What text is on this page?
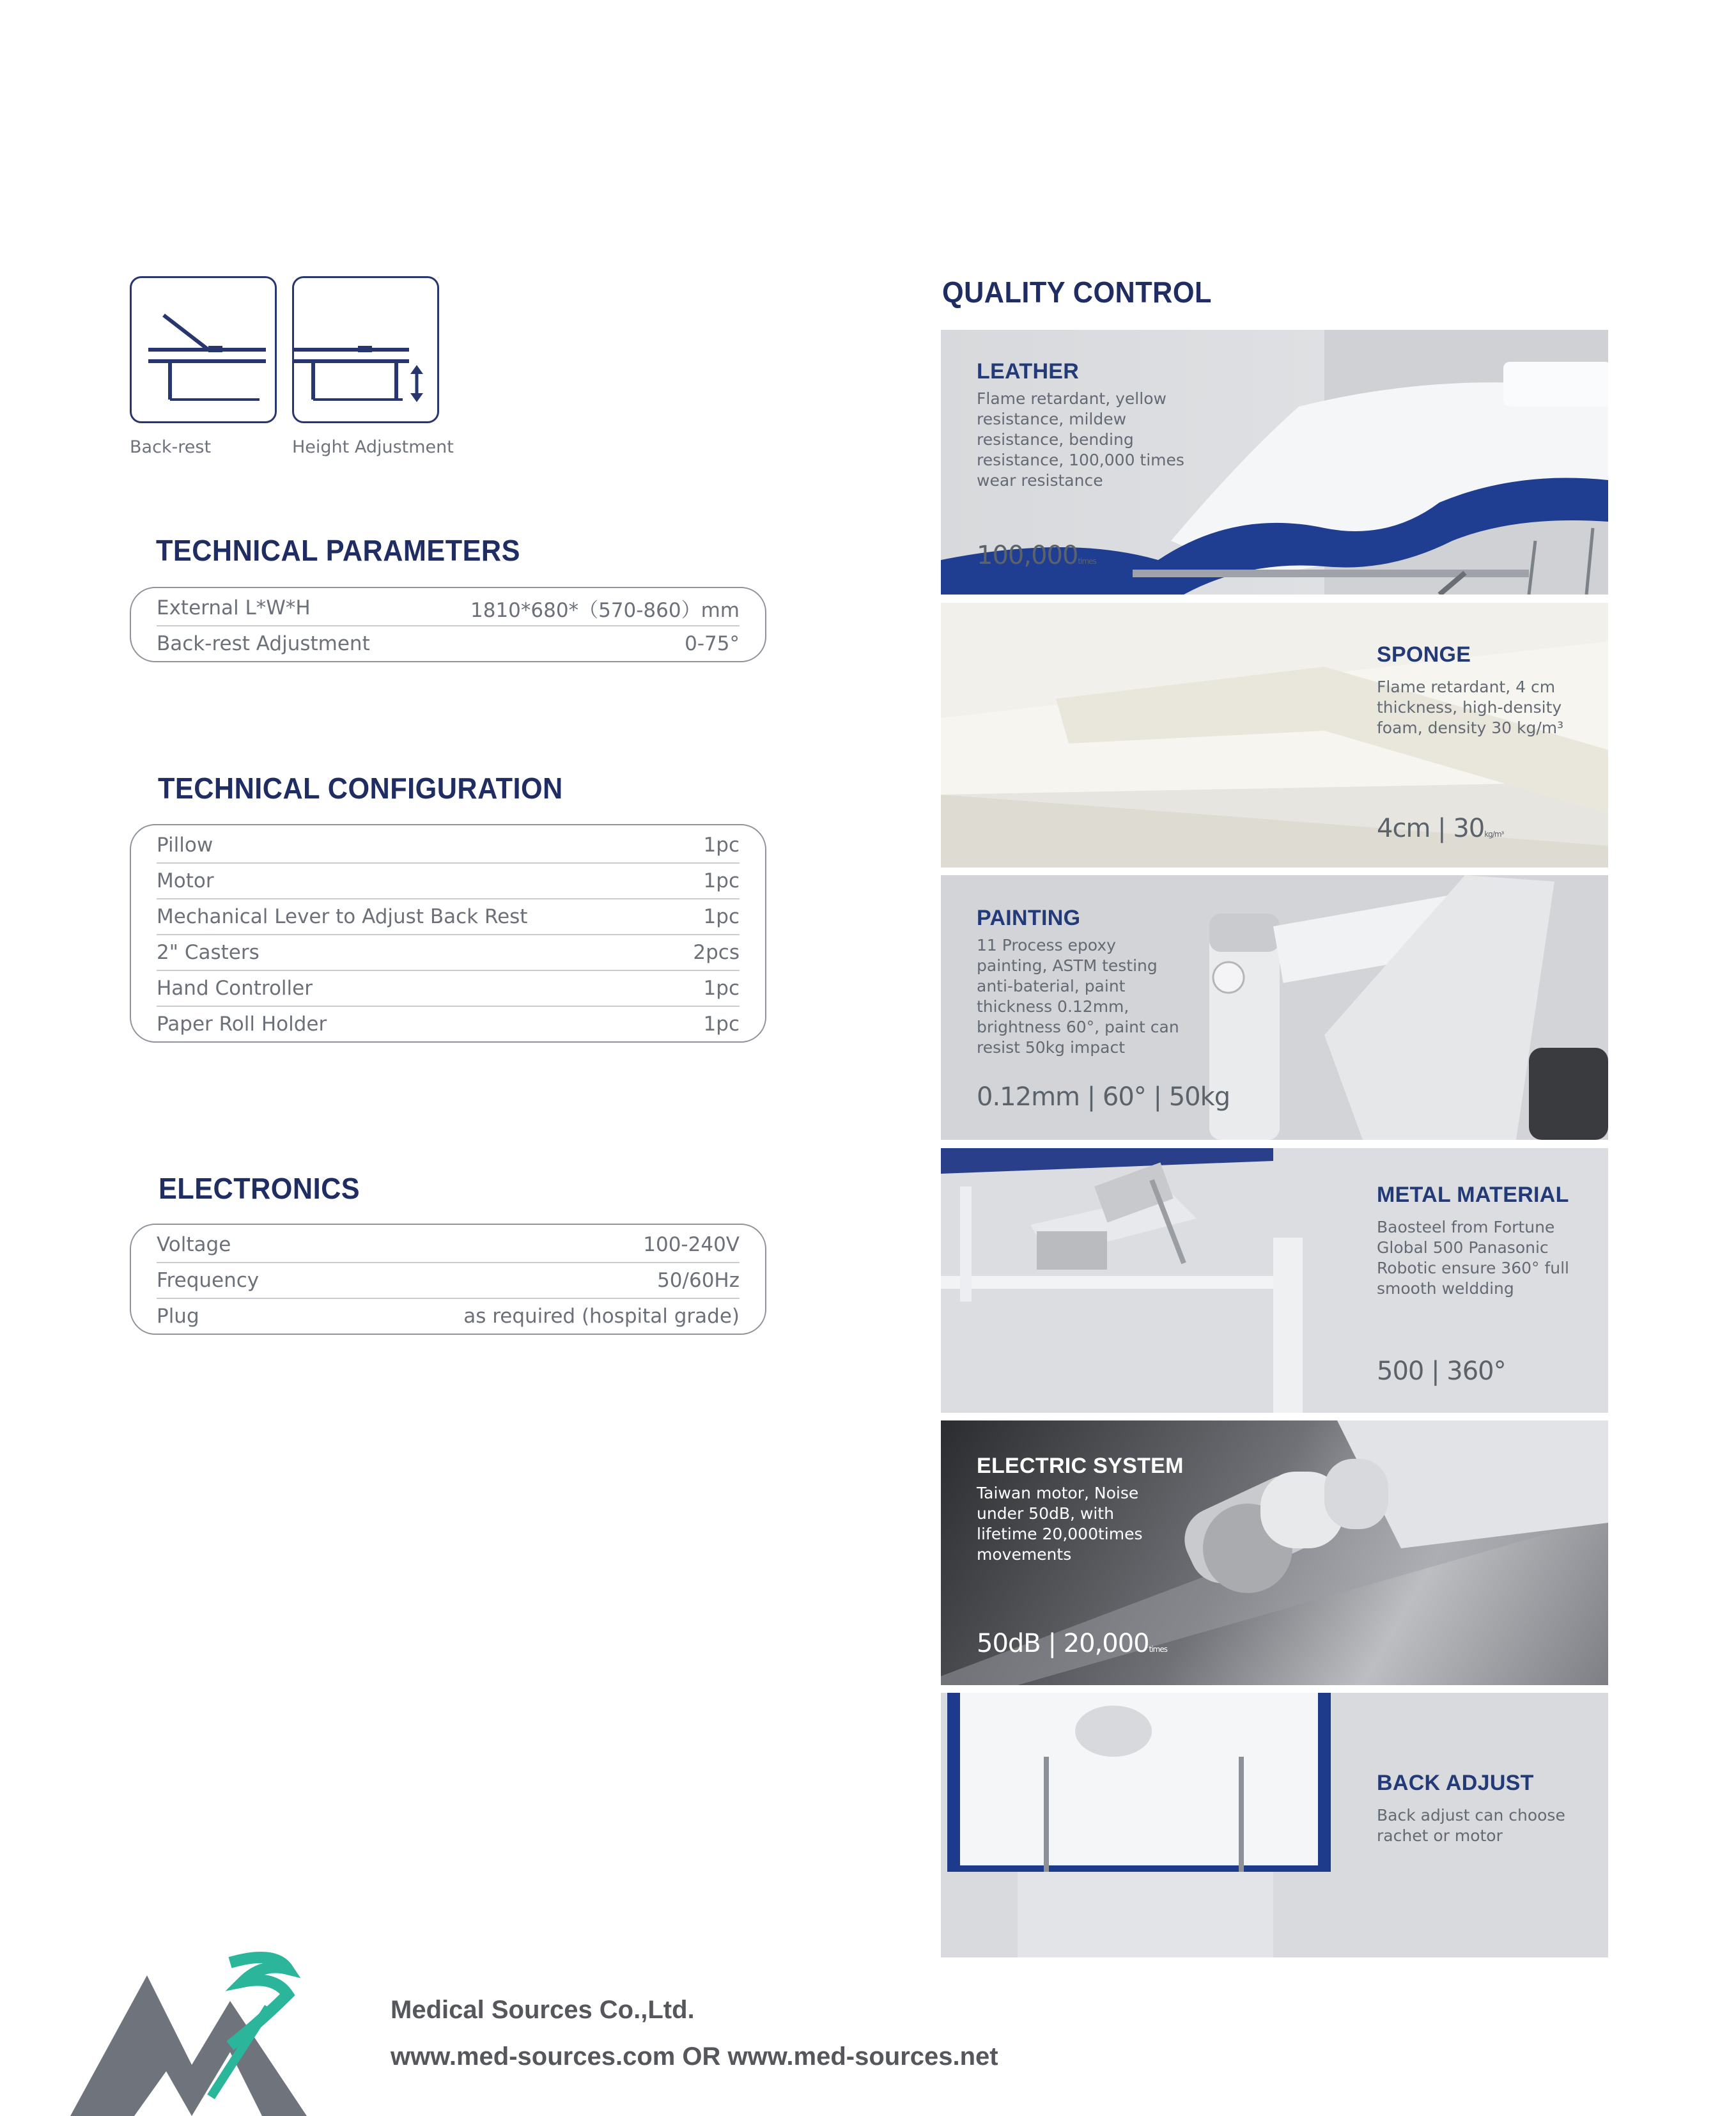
Back-rest	Height Adjustment
TECHNICAL PARAMETERS
External L*W*H	1810*680*（570-860）mm
Back-rest Adjustment	0-75°
TECHNICAL CONFIGURATION
Pillow	1pc
Motor	1pc
Mechanical Lever to Adjust Back Rest	1pc
2" Casters	2pcs
Hand Controller	1pc
Paper Roll Holder	1pc
ELECTRONICS
Voltage	100-240V
Frequency	50/60Hz
Plug	as required (hospital grade)
QUALITY CONTROL
LEATHER
Flame retardant, yellow resistance, mildew resistance, bending resistance, 100,000 times wear resistance
100,000times
SPONGE
Flame retardant, 4 cm thickness, high-density foam, density 30 kg/m³
4cm | 30kg/m³
PAINTING
11 Process epoxy painting, ASTM testing anti-baterial, paint thickness 0.12mm, brightness 60°, paint can resist 50kg impact
0.12mm | 60° | 50kg
METAL MATERIAL
Baosteel from Fortune Global 500 Panasonic Robotic ensure 360° full smooth weldding
500 | 360°
ELECTRIC SYSTEM
Taiwan motor, Noise under 50dB, with lifetime 20,000times movements
50dB | 20,000times
BACK ADJUST
Back adjust can choose rachet or motor
Medical Sources Co.,Ltd.
www.med-sources.com OR www.med-sources.net
